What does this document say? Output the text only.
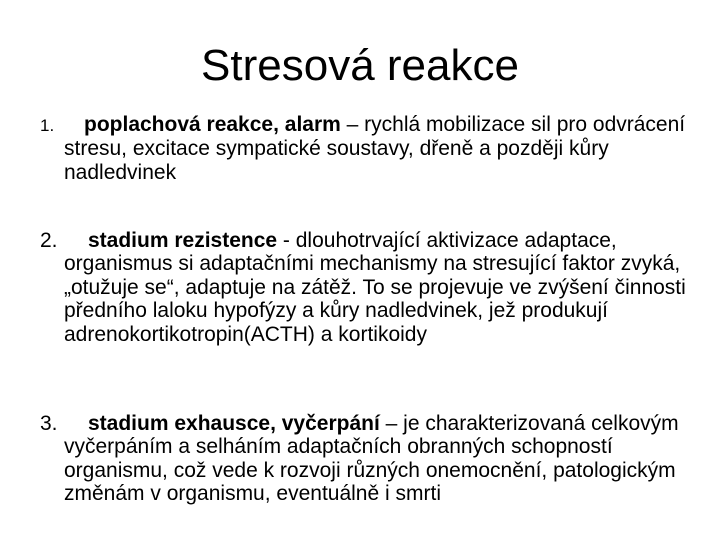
Stresová reakce
1. poplachová reakce, alarm – rychlá mobilizace sil pro odvrácení stresu, excitace sympatické soustavy, dřeně a později kůry nadledvinek
2. stadium rezistence - dlouhotrvající aktivizace adaptace, organismus si adaptačními mechanismy na stresující faktor zvyká, „otužuje se“, adaptuje na zátěž. To se projevuje ve zvýšení činnosti předního laloku hypofýzy a kůry nadledvinek, jež produkují adrenokortikotropin(ACTH) a kortikoidy
3. stadium exhausce, vyčerpání – je charakterizovaná celkovým vyčerpáním a selháním adaptačních obranných schopností organismu, což vede k rozvoji různých onemocnění, patologickým změnám v organismu, eventuálně i smrti
